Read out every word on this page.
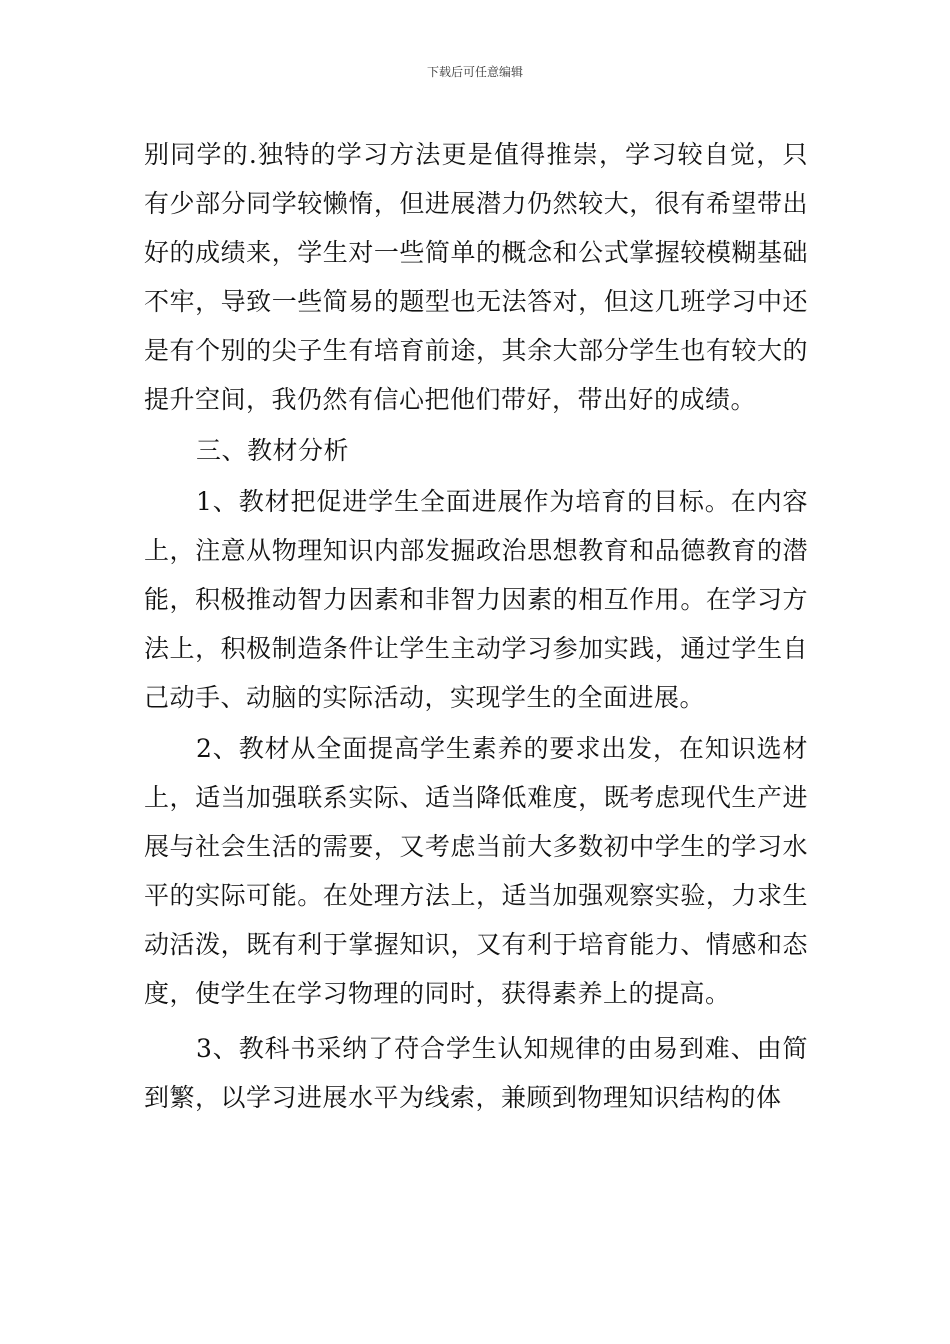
下载后可任意编辑

别同学的.独特的学习方法更是值得推崇，学习较自觉，只有少部分同学较懒惰，但进展潜力仍然较大，很有希望带出好的成绩来，学生对一些简单的概念和公式掌握较模糊基础不牢，导致一些简易的题型也无法答对，但这几班学习中还是有个别的尖子生有培育前途，其余大部分学生也有较大的提升空间，我仍然有信心把他们带好，带出好的成绩。

三、教材分析

1、教材把促进学生全面进展作为培育的目标。在内容上，注意从物理知识内部发掘政治思想教育和品德教育的潜能，积极推动智力因素和非智力因素的相互作用。在学习方法上，积极制造条件让学生主动学习参加实践，通过学生自己动手、动脑的实际活动，实现学生的全面进展。

2、教材从全面提高学生素养的要求出发，在知识选材上，适当加强联系实际、适当降低难度，既考虑现代生产进展与社会生活的需要，又考虑当前大多数初中学生的学习水平的实际可能。在处理方法上，适当加强观察实验，力求生动活泼，既有利于掌握知识，又有利于培育能力、情感和态度，使学生在学习物理的同时，获得素养上的提高。

3、教科书采纳了苻合学生认知规律的由易到难、由简到繁，以学习进展水平为线索，兼顾到物理知识结构的体
